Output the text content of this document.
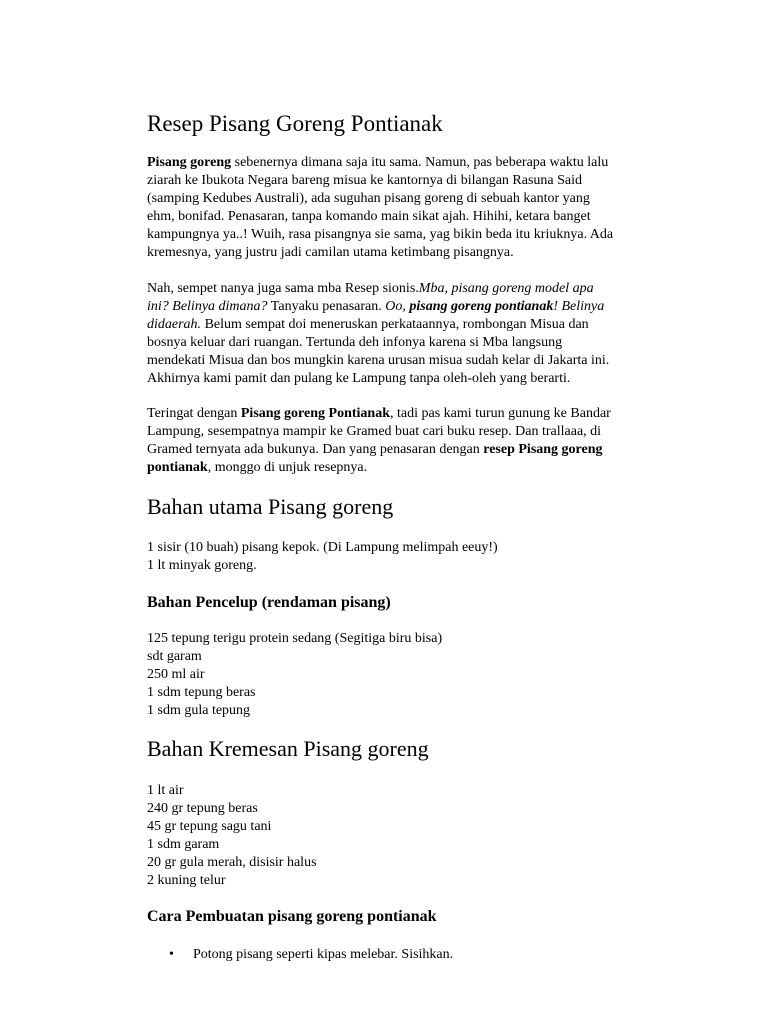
Resep Pisang Goreng Pontianak

Pisang goreng sebenernya dimana saja itu sama. Namun, pas beberapa waktu lalu
ziarah ke Ibukota Negara bareng misua ke kantornya di bilangan Rasuna Said
(samping Kedubes Australi), ada suguhan pisang goreng di sebuah kantor yang
ehm, bonifad. Penasaran, tanpa komando main sikat ajah. Hihihi, ketara banget
kampungnya ya..! Wuih, rasa pisangnya sie sama, yag bikin beda itu kriuknya. Ada
kremesnya, yang justru jadi camilan utama ketimbang pisangnya.

Nah, sempet nanya juga sama mba Resep sionis.Mba, pisang goreng model apa
ini? Belinya dimana? Tanyaku penasaran. Oo, pisang goreng pontianak! Belinya
didaerah. Belum sempat doi meneruskan perkataannya, rombongan Misua dan
bosnya keluar dari ruangan. Tertunda deh infonya karena si Mba langsung
mendekati Misua dan bos mungkin karena urusan misua sudah kelar di Jakarta ini.
Akhirnya kami pamit dan pulang ke Lampung tanpa oleh-oleh yang berarti.

Teringat dengan Pisang goreng Pontianak, tadi pas kami turun gunung ke Bandar
Lampung, sesempatnya mampir ke Gramed buat cari buku resep. Dan trallaaa, di
Gramed ternyata ada bukunya. Dan yang penasaran dengan resep Pisang goreng
pontianak, monggo di unjuk resepnya.

Bahan utama Pisang goreng
1 sisir (10 buah) pisang kepok. (Di Lampung melimpah eeuy!)
1 lt minyak goreng.
Bahan Pencelup (rendaman pisang)
125 tepung terigu protein sedang (Segitiga biru bisa)
sdt garam
250 ml air
1 sdm tepung beras
1 sdm gula tepung
Bahan Kremesan Pisang goreng
1 lt air
240 gr tepung beras
45 gr tepung sagu tani
1 sdm garam
20 gr gula merah, disisir halus
2 kuning telur
Cara Pembuatan pisang goreng pontianak
• Potong pisang seperti kipas melebar. Sisihkan.
